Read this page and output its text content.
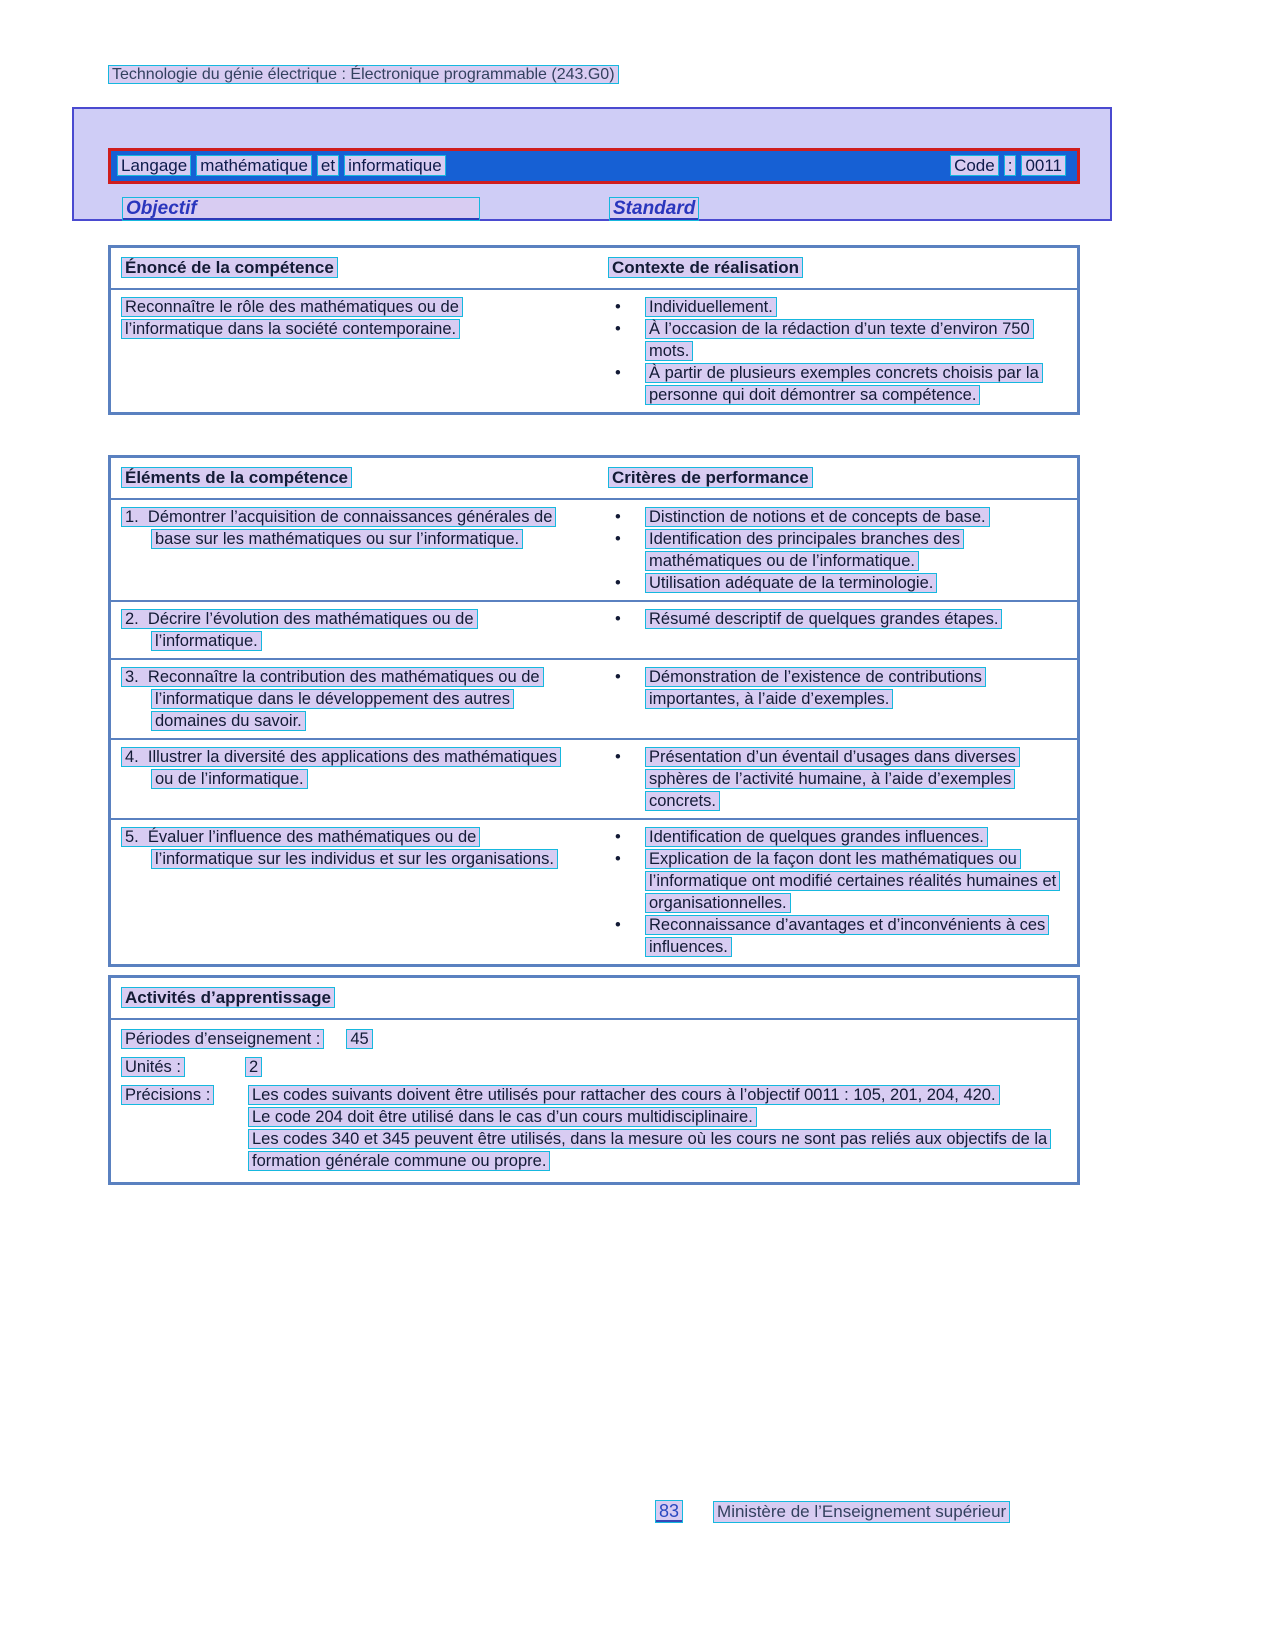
Technologie du génie électrique : Électronique programmable (243.G0)
Langage mathématique et informatique	Code : 0011
Objectif	Standard
Énoncé de la compétence	Contexte de réalisation
Reconnaître le rôle des mathématiques ou de l’informatique dans la société contemporaine.
•	Individuellement.
•	À l’occasion de la rédaction d’un texte d’environ 750 mots.
•	À partir de plusieurs exemples concrets choisis par la personne qui doit démontrer sa compétence.
Éléments de la compétence	Critères de performance
1.  Démontrer l’acquisition de connaissances générales de base sur les mathématiques ou sur l’informatique.
•	Distinction de notions et de concepts de base.
•	Identification des principales branches des mathématiques ou de l’informatique.
•	Utilisation adéquate de la terminologie.
2.  Décrire l’évolution des mathématiques ou de l’informatique.
•	Résumé descriptif de quelques grandes étapes.
3.  Reconnaître la contribution des mathématiques ou de l’informatique dans le développement des autres domaines du savoir.
•	Démonstration de l’existence de contributions importantes, à l’aide d’exemples.
4.  Illustrer la diversité des applications des mathématiques ou de l’informatique.
•	Présentation d’un éventail d’usages dans diverses sphères de l’activité humaine, à l’aide d’exemples concrets.
5.  Évaluer l’influence des mathématiques ou de l’informatique sur les individus et sur les organisations.
•	Identification de quelques grandes influences.
•	Explication de la façon dont les mathématiques ou l’informatique ont modifié certaines réalités humaines et organisationnelles.
•	Reconnaissance d’avantages et d’inconvénients à ces influences.
Activités d’apprentissage
Périodes d’enseignement : 45
Unités :	2
Précisions :	Les codes suivants doivent être utilisés pour rattacher des cours à l’objectif 0011 : 105, 201, 204, 420.
Le code 204 doit être utilisé dans le cas d’un cours multidisciplinaire.
Les codes 340 et 345 peuvent être utilisés, dans la mesure où les cours ne sont pas reliés aux objectifs de la formation générale commune ou propre.
83 Ministère de l’Enseignement supérieur
